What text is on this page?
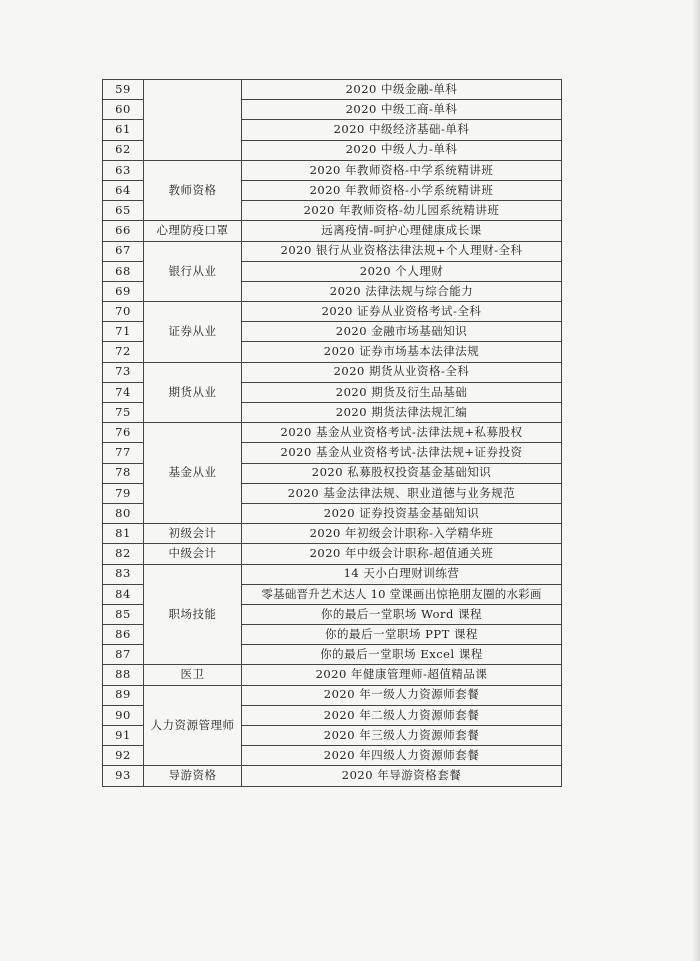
59		2020 中级金融-单科
60		2020 中级工商-单科
61		2020 中级经济基础-单科
62		2020 中级人力-单科
63	教师资格	2020 年教师资格-中学系统精讲班
64		2020 年教师资格-小学系统精讲班
65		2020 年教师资格-幼儿园系统精讲班
66	心理防疫口罩	远离疫情-呵护心理健康成长课
67	银行从业	2020 银行从业资格法律法规+个人理财-全科
68		2020 个人理财
69		2020 法律法规与综合能力
70	证券从业	2020 证券从业资格考试-全科
71		2020 金融市场基础知识
72		2020 证券市场基本法律法规
73	期货从业	2020 期货从业资格-全科
74		2020 期货及衍生品基础
75		2020 期货法律法规汇编
76	基金从业	2020 基金从业资格考试-法律法规+私募股权
77		2020 基金从业资格考试-法律法规+证券投资
78		2020 私募股权投资基金基础知识
79		2020 基金法律法规、职业道德与业务规范
80		2020 证券投资基金基础知识
81	初级会计	2020 年初级会计职称-入学精华班
82	中级会计	2020 年中级会计职称-超值通关班
83	职场技能	14 天小白理财训练营
84		零基础晋升艺术达人 10 堂课画出惊艳朋友圈的水彩画
85		你的最后一堂职场 Word 课程
86		你的最后一堂职场 PPT 课程
87		你的最后一堂职场 Excel 课程
88	医卫	2020 年健康管理师-超值精品课
89	人力资源管理师	2020 年一级人力资源师套餐
90		2020 年二级人力资源师套餐
91		2020 年三级人力资源师套餐
92		2020 年四级人力资源师套餐
93	导游资格	2020 年导游资格套餐
